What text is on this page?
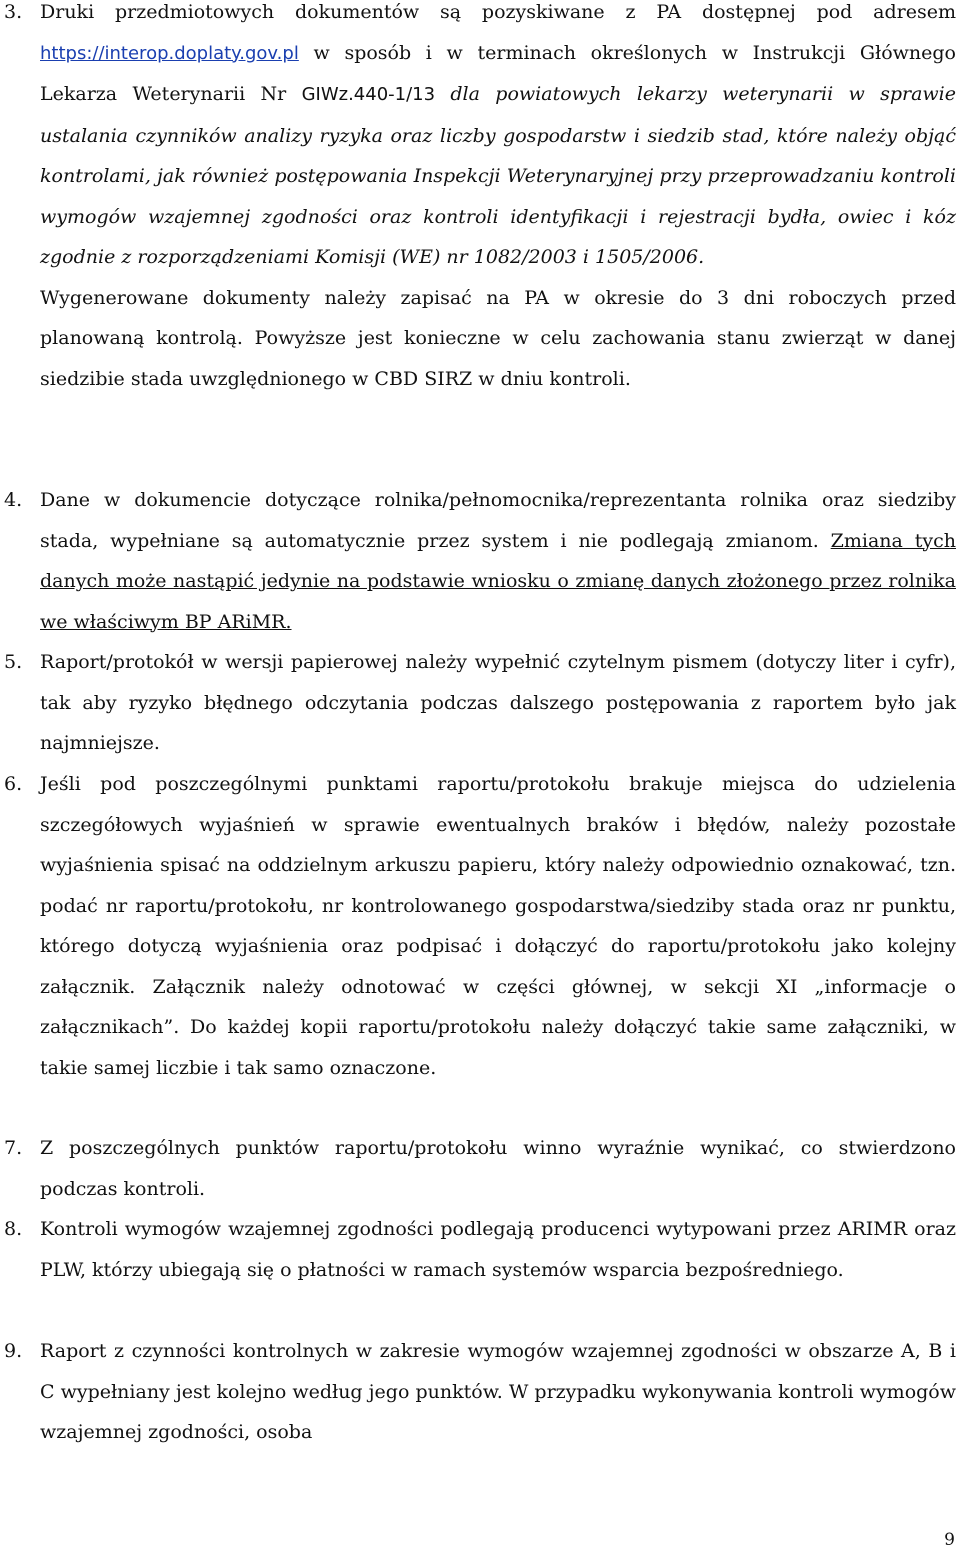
3. Druki przedmiotowych dokumentów są pozyskiwane z PA dostępnej pod adresem https://interop.doplaty.gov.pl w sposób i w terminach określonych w Instrukcji Głównego Lekarza Weterynarii Nr GIWz.440-1/13 dla powiatowych lekarzy weterynarii w sprawie ustalania czynników analizy ryzyka oraz liczby gospodarstw i siedzib stad, które należy objąć kontrolami, jak również postępowania Inspekcji Weterynaryjnej przy przeprowadzaniu kontroli wymogów wzajemnej zgodności oraz kontroli identyfikacji i rejestracji bydła, owiec i kóz zgodnie z rozporządzeniami Komisji (WE) nr 1082/2003 i 1505/2006.

Wygenerowane dokumenty należy zapisać na PA w okresie do 3 dni roboczych przed planowaną kontrolą. Powyższe jest konieczne w celu zachowania stanu zwierząt w danej siedzibie stada uwzględnionego w CBD SIRZ w dniu kontroli.

4. Dane w dokumencie dotyczące rolnika/pełnomocnika/reprezentanta rolnika oraz siedziby stada, wypełniane są automatycznie przez system i nie podlegają zmianom. Zmiana tych danych może nastąpić jedynie na podstawie wniosku o zmianę danych złożonego przez rolnika we właściwym BP ARiMR.

5. Raport/protokół w wersji papierowej należy wypełnić czytelnym pismem (dotyczy liter i cyfr), tak aby ryzyko błędnego odczytania podczas dalszego postępowania z raportem było jak najmniejsze.
6. Jeśli pod poszczególnymi punktami raportu/protokołu brakuje miejsca do udzielenia szczegółowych wyjaśnień w sprawie ewentualnych braków i błędów, należy pozostałe wyjaśnienia spisać na oddzielnym arkuszu papieru, który należy odpowiednio oznakować, tzn. podać nr raportu/protokołu, nr kontrolowanego gospodarstwa/siedziby stada oraz nr punktu, którego dotyczą wyjaśnienia oraz podpisać i dołączyć do raportu/protokołu jako kolejny załącznik. Załącznik należy odnotować w części głównej, w sekcji XI „informacje o załącznikach”. Do każdej kopii raportu/protokołu należy dołączyć takie same załączniki, w takie samej liczbie i tak samo oznaczone.
7. Z poszczególnych punktów raportu/protokołu winno wyraźnie wynikać, co stwierdzono podczas kontroli.
8. Kontroli wymogów wzajemnej zgodności podlegają producenci wytypowani przez ARIMR oraz PLW, którzy ubiegają się o płatności w ramach systemów wsparcia bezpośredniego.
9. Raport z czynności kontrolnych w zakresie wymogów wzajemnej zgodności w obszarze A, B i C wypełniany jest kolejno według jego punktów. W przypadku wykonywania kontroli wymogów wzajemnej zgodności, osoba
9
